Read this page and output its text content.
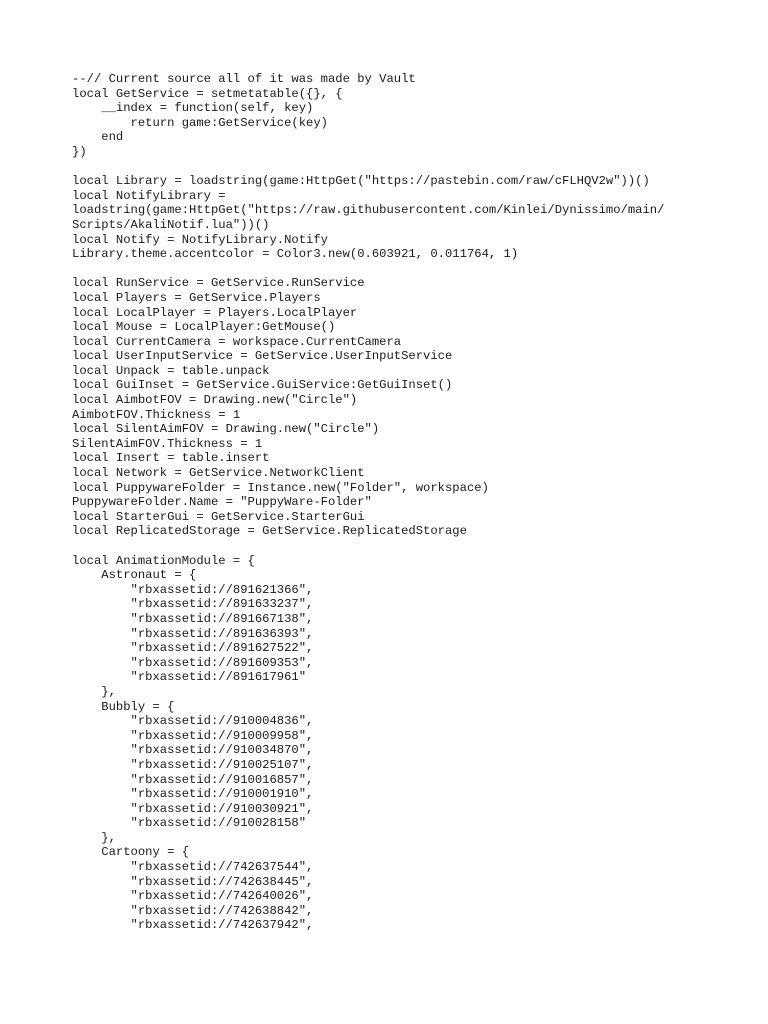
--// Current source all of it was made by Vault
local GetService = setmetatable({}, {
__index = function(self, key)
return game:GetService(key)
end
})
local Library = loadstring(game:HttpGet("https://pastebin.com/raw/cFLHQV2w"))()
local NotifyLibrary =
loadstring(game:HttpGet("https://raw.githubusercontent.com/Kinlei/Dynissimo/main/
Scripts/AkaliNotif.lua"))()
local Notify = NotifyLibrary.Notify
Library.theme.accentcolor = Color3.new(0.603921, 0.011764, 1)
local RunService = GetService.RunService
local Players = GetService.Players
local LocalPlayer = Players.LocalPlayer
local Mouse = LocalPlayer:GetMouse()
local CurrentCamera = workspace.CurrentCamera
local UserInputService = GetService.UserInputService
local Unpack = table.unpack
local GuiInset = GetService.GuiService:GetGuiInset()
local AimbotFOV = Drawing.new("Circle")
AimbotFOV.Thickness = 1
local SilentAimFOV = Drawing.new("Circle")
SilentAimFOV.Thickness = 1
local Insert = table.insert
local Network = GetService.NetworkClient
local PuppywareFolder = Instance.new("Folder", workspace)
PuppywareFolder.Name = "PuppyWare-Folder"
local StarterGui = GetService.StarterGui
local ReplicatedStorage = GetService.ReplicatedStorage
local AnimationModule = {
Astronaut = {
"rbxassetid://891621366",
"rbxassetid://891633237",
"rbxassetid://891667138",
"rbxassetid://891636393",
"rbxassetid://891627522",
"rbxassetid://891609353",
"rbxassetid://891617961"
},
Bubbly = {
"rbxassetid://910004836",
"rbxassetid://910009958",
"rbxassetid://910034870",
"rbxassetid://910025107",
"rbxassetid://910016857",
"rbxassetid://910001910",
"rbxassetid://910030921",
"rbxassetid://910028158"
},
Cartoony = {
"rbxassetid://742637544",
"rbxassetid://742638445",
"rbxassetid://742640026",
"rbxassetid://742638842",
"rbxassetid://742637942",
